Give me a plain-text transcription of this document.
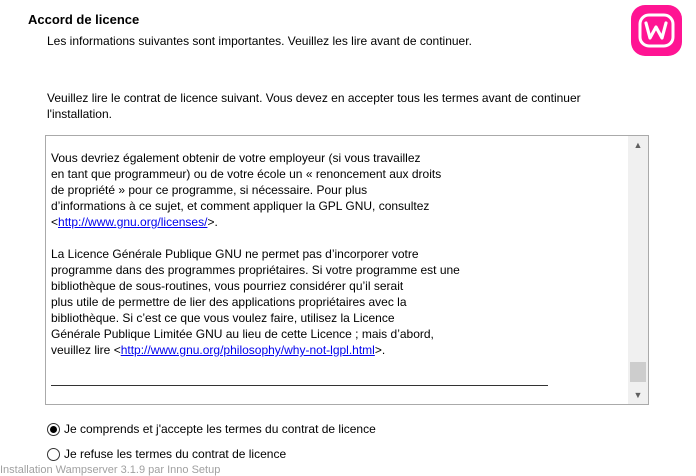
Accord de licence
Les informations suivantes sont importantes. Veuillez les lire avant de continuer.
Veuillez lire le contrat de licence suivant. Vous devez en accepter tous les termes avant de continuer l'installation.
Vous devriez également obtenir de votre employeur (si vous travaillez
en tant que programmeur) ou de votre école un « renoncement aux droits
de propriété » pour ce programme, si nécessaire. Pour plus
d’informations à ce sujet, et comment appliquer la GPL GNU, consultez
<http://www.gnu.org/licenses/>.

La Licence Générale Publique GNU ne permet pas d’incorporer votre
programme dans des programmes propriétaires. Si votre programme est une
bibliothèque de sous-routines, vous pourriez considérer qu’il serait
plus utile de permettre de lier des applications propriétaires avec la
bibliothèque. Si c’est ce que vous voulez faire, utilisez la Licence
Générale Publique Limitée GNU au lieu de cette Licence ; mais d’abord,
veuillez lire <http://www.gnu.org/philosophy/why-not-lgpl.html>.
▲
▼
Je comprends et j'accepte les termes du contrat de licence
Je refuse les termes du contrat de licence
Installation Wampserver 3.1.9 par Inno Setup
